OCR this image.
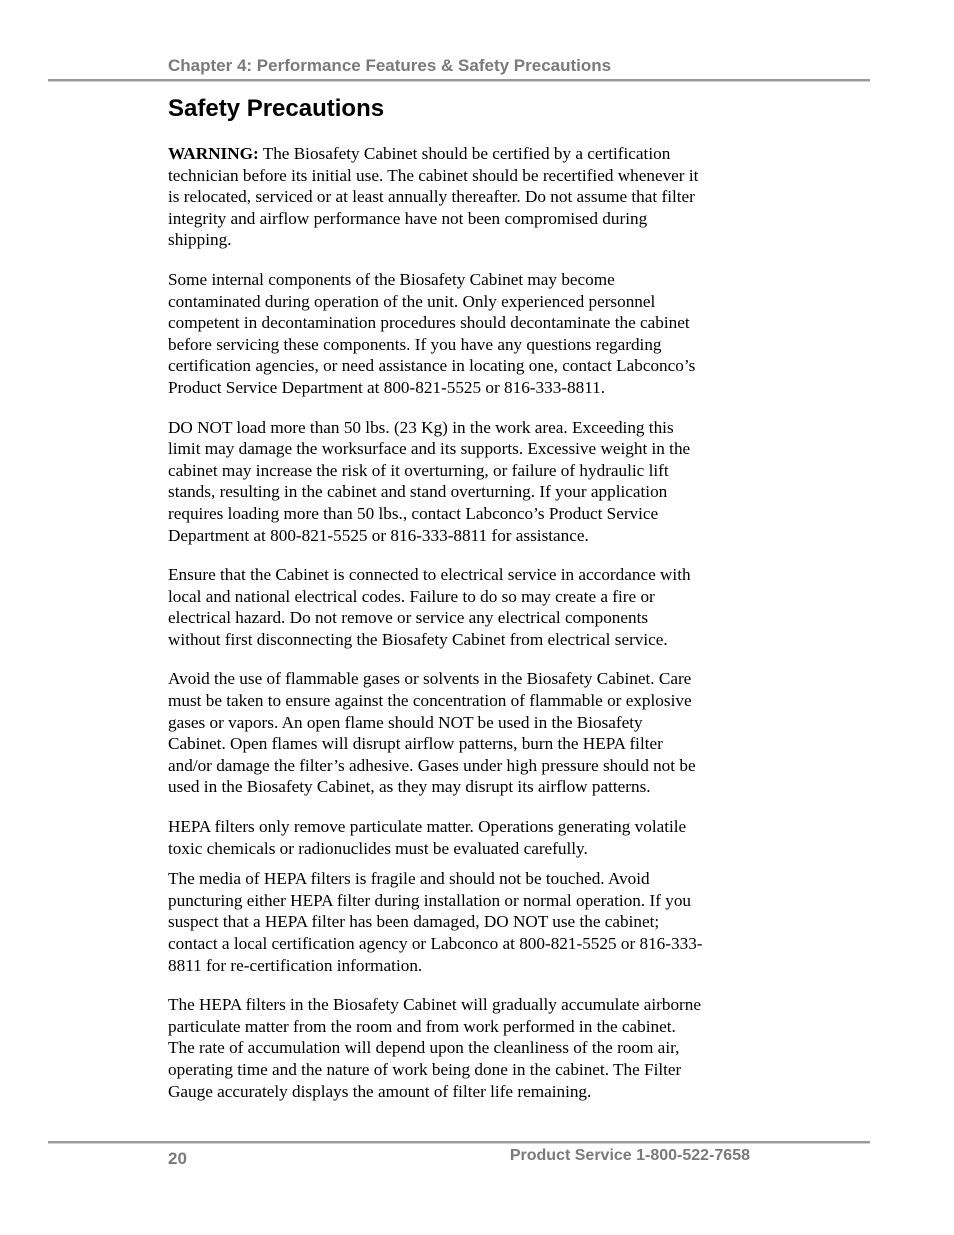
Chapter 4: Performance Features & Safety Precautions
Safety Precautions

WARNING: The Biosafety Cabinet should be certified by a certification
technician before its initial use. The cabinet should be recertified whenever it
is relocated, serviced or at least annually thereafter. Do not assume that filter
integrity and airflow performance have not been compromised during
shipping.

Some internal components of the Biosafety Cabinet may become
contaminated during operation of the unit. Only experienced personnel
competent in decontamination procedures should decontaminate the cabinet
before servicing these components. If you have any questions regarding
certification agencies, or need assistance in locating one, contact Labconco’s
Product Service Department at 800-821-5525 or 816-333-8811.

DO NOT load more than 50 lbs. (23 Kg) in the work area. Exceeding this
limit may damage the worksurface and its supports. Excessive weight in the
cabinet may increase the risk of it overturning, or failure of hydraulic lift
stands, resulting in the cabinet and stand overturning. If your application
requires loading more than 50 lbs., contact Labconco’s Product Service
Department at 800-821-5525 or 816-333-8811 for assistance.

Ensure that the Cabinet is connected to electrical service in accordance with
local and national electrical codes. Failure to do so may create a fire or
electrical hazard. Do not remove or service any electrical components
without first disconnecting the Biosafety Cabinet from electrical service.

Avoid the use of flammable gases or solvents in the Biosafety Cabinet. Care
must be taken to ensure against the concentration of flammable or explosive
gases or vapors. An open flame should NOT be used in the Biosafety
Cabinet. Open flames will disrupt airflow patterns, burn the HEPA filter
and/or damage the filter’s adhesive. Gases under high pressure should not be
used in the Biosafety Cabinet, as they may disrupt its airflow patterns.

HEPA filters only remove particulate matter. Operations generating volatile
toxic chemicals or radionuclides must be evaluated carefully.

The media of HEPA filters is fragile and should not be touched. Avoid
puncturing either HEPA filter during installation or normal operation. If you
suspect that a HEPA filter has been damaged, DO NOT use the cabinet;
contact a local certification agency or Labconco at 800-821-5525 or 816-333-
8811 for re-certification information.

The HEPA filters in the Biosafety Cabinet will gradually accumulate airborne
particulate matter from the room and from work performed in the cabinet.
The rate of accumulation will depend upon the cleanliness of the room air,
operating time and the nature of work being done in the cabinet. The Filter
Gauge accurately displays the amount of filter life remaining.

20	Product Service 1-800-522-7658
